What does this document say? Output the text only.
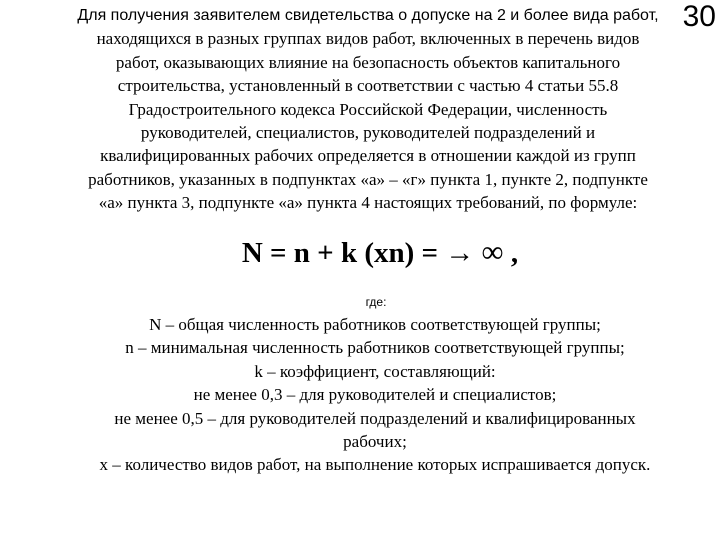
30
Для получения заявителем свидетельства о допуске на 2 и более вида работ,
находящихся в разных группах видов работ, включенных в перечень видов
работ, оказывающих влияние на безопасность объектов капитального
строительства, установленный в соответствии с частью 4 статьи 55.8
Градостроительного кодекса Российской Федерации, численность
руководителей, специалистов, руководителей подразделений и
квалифицированных рабочих определяется в отношении каждой из групп
работников, указанных в подпунктах «а» – «г» пункта 1, пункте 2, подпункте
«а» пункта 3, подпункте «а» пункта 4 настоящих требований, по формуле:
N = n + k (xn) = → ∞ ,
где:
N – общая численность работников соответствующей группы;
n – минимальная численность работников соответствующей группы;
k – коэффициент, составляющий:
не менее 0,3 – для руководителей и специалистов;
не менее 0,5 – для руководителей подразделений и квалифицированных
рабочих;
x – количество видов работ, на выполнение которых испрашивается допуск.
